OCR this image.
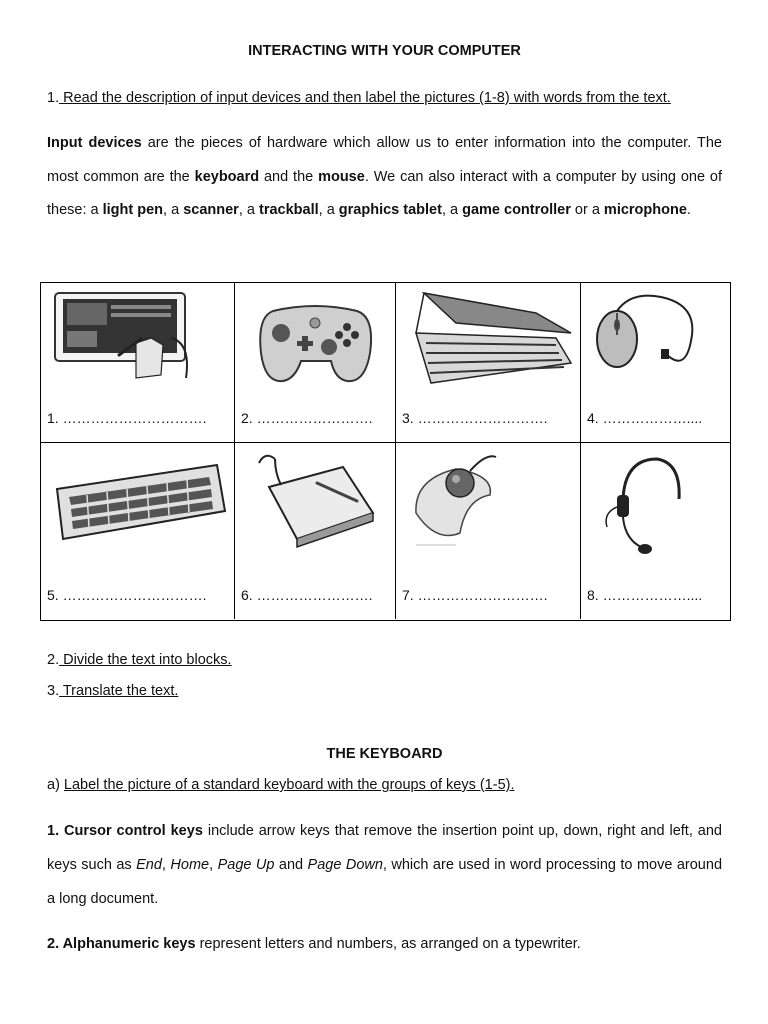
INTERACTING WITH YOUR COMPUTER
1. Read the description of input devices and then label the pictures (1-8) with words from the text.
Input devices are the pieces of hardware which allow us to enter information into the computer. The most common are the keyboard and the mouse. We can also interact with a computer by using one of these: a light pen, a scanner, a trackball, a graphics tablet, a game controller or a microphone.
1. …………………………. 2. ……………………. 3. ……………………….	4. ………………....
5. …………………………. 6. ……………………. 7. ……………………….	8. ………………....
2. Divide the text into blocks.
3. Translate the text.
THE KEYBOARD
a) Label the picture of a standard keyboard with the groups of keys (1-5).
1. Cursor control keys include arrow keys that remove the insertion point up, down, right and left, and keys such as End, Home, Page Up and Page Down, which are used in word processing to move around a long document.
2. Alphanumeric keys represent letters and numbers, as arranged on a typewriter.
